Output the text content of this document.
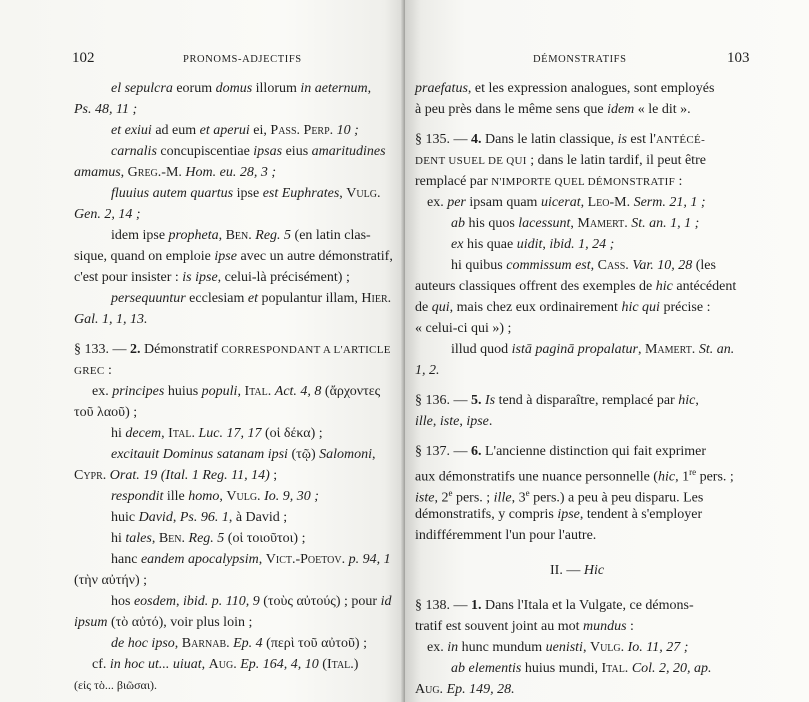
102	PRONOMS-ADJECTIFS
el sepulcra eorum domus illorum in aeternum,
Ps. 48, 11 ;
et exiui ad eum et aperui ei, Pass. Perp. 10 ;
carnalis concupiscentiae ipsas eius amaritudines
amamus, Greg.-M. Hom. eu. 28, 3 ;
fluuius autem quartus ipse est Euphrates, Vulg.
Gen. 2, 14 ;
idem ipse propheta, Ben. Reg. 5 (en latin clas-
sique, quand on emploie ipse avec un autre démonstratif,
c'est pour insister : is ipse, celui-là précisément) ;
persequuntur ecclesiam et populantur illam, Hier.
Gal. 1, 1, 13.
§ 133. — 2. Démonstratif CORRESPONDANT A L'ARTICLE
GREC :
ex. principes huius populi, Ital. Act. 4, 8 (ἄρχοντες
τοῦ λαοῦ) ;
hi decem, Ital. Luc. 17, 17 (οἱ δέκα) ;
excitauit Dominus satanam ipsi (τῷ) Salomoni,
Cypr. Orat. 19 (Ital. 1 Reg. 11, 14) ;
respondit ille homo, Vulg. Io. 9, 30 ;
huic David, Ps. 96. 1, à David ;
hi tales, Ben. Reg. 5 (οἱ τοιοῦτοι) ;
hanc eandem apocalypsim, Vict.-Poetov. p. 94, 1
(τὴν αὐτήν) ;
hos eosdem, ibid. p. 110, 9 (τοὺς αὐτούς) ; pour id
ipsum (τὸ αὐτό), voir plus loin ;
de hoc ipso, Barnab. Ep. 4 (περὶ τοῦ αὐτοῦ) ;
cf. in hoc ut... uiuat, Aug. Ep. 164, 4, 10 (Ital.)
(εἰς τὸ... βιῶσαι).
DÉMONSTRATIFS	103
praefatus, et les expression analogues, sont employés
à peu près dans le même sens que idem « le dit ».
§ 135. — 4. Dans le latin classique, is est l'ANTÉCÉ-
DENT USUEL DE QUI ; dans le latin tardif, il peut être
remplacé par N'IMPORTE QUEL DÉMONSTRATIF :
ex. per ipsam quam uicerat, Leo-M. Serm. 21, 1 ;
ab his quos lacessunt, Mamert. St. an. 1, 1 ;
ex his quae uidit, ibid. 1, 24 ;
hi quibus commissum est, Cass. Var. 10, 28 (les
auteurs classiques offrent des exemples de hic antécédent
de qui, mais chez eux ordinairement hic qui précise :
« celui-ci qui ») ;
illud quod istā paginā propalatur, Mamert. St. an.
1, 2.
§ 136. — 5. Is tend à disparaître, remplacé par hic,
ille, iste, ipse.
§ 137. — 6. L'ancienne distinction qui fait exprimer
aux démonstratifs une nuance personnelle (hic, 1re pers. ;
iste, 2e pers. ; ille, 3e pers.) a peu à peu disparu. Les
démonstratifs, y compris ipse, tendent à s'employer
indifféremment l'un pour l'autre.
II. — Hic
§ 138. — 1. Dans l'Itala et la Vulgate, ce démons-
tratif est souvent joint au mot mundus :
ex. in hunc mundum uenisti, Vulg. Io. 11, 27 ;
ab elementis huius mundi, Ital. Col. 2, 20, ap.
Aug. Ep. 149, 28.
